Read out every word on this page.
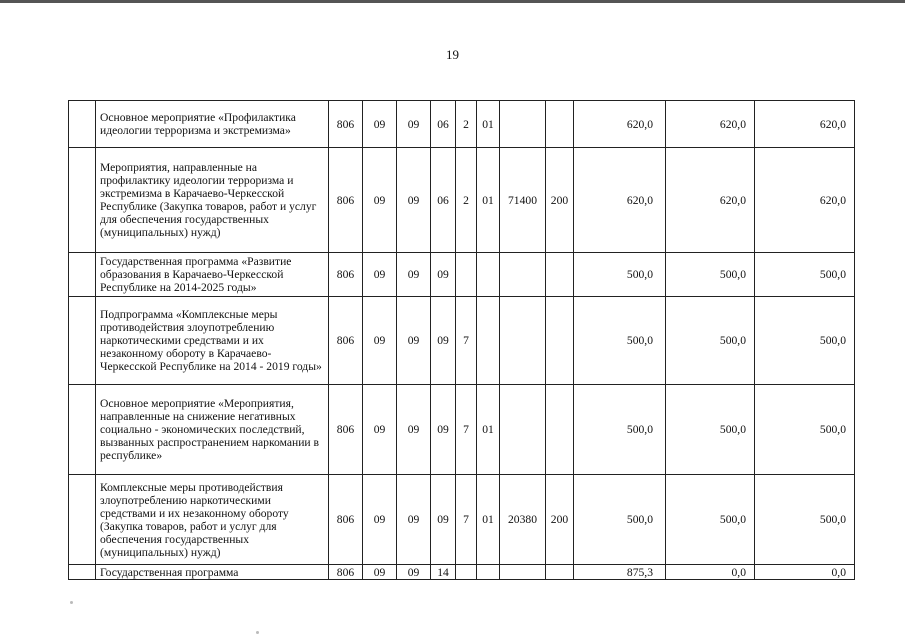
19
	Основное мероприятие «Профилактика идеологии терроризма и экстремизма»	806	09	09	06	2	01			620,0	620,0	620,0
	Мероприятия, направленные на профилактику идеологии терроризма и экстремизма в Карачаево-Черкесской Республике (Закупка товаров, работ и услуг для обеспечения государственных (муниципальных) нужд)	806	09	09	06	2	01	71400	200	620,0	620,0	620,0
	Государственная программа «Развитие образования в Карачаево-Черкесской Республике на 2014-2025 годы»	806	09	09	09					500,0	500,0	500,0
	Подпрограмма «Комплексные меры противодействия злоупотреблению наркотическими средствами и их незаконному обороту в Карачаево-Черкесской Республике на 2014 - 2019 годы»	806	09	09	09	7				500,0	500,0	500,0
	Основное мероприятие «Мероприятия, направленные на снижение негативных социально - экономических последствий, вызванных распространением наркомании в республике»	806	09	09	09	7	01			500,0	500,0	500,0
	Комплексные меры противодействия злоупотреблению наркотическими средствами и их незаконному обороту (Закупка товаров, работ и услуг для обеспечения государственных (муниципальных) нужд)	806	09	09	09	7	01	20380	200	500,0	500,0	500,0
	Государственная программа	806	09	09	14					875,3	0,0	0,0
